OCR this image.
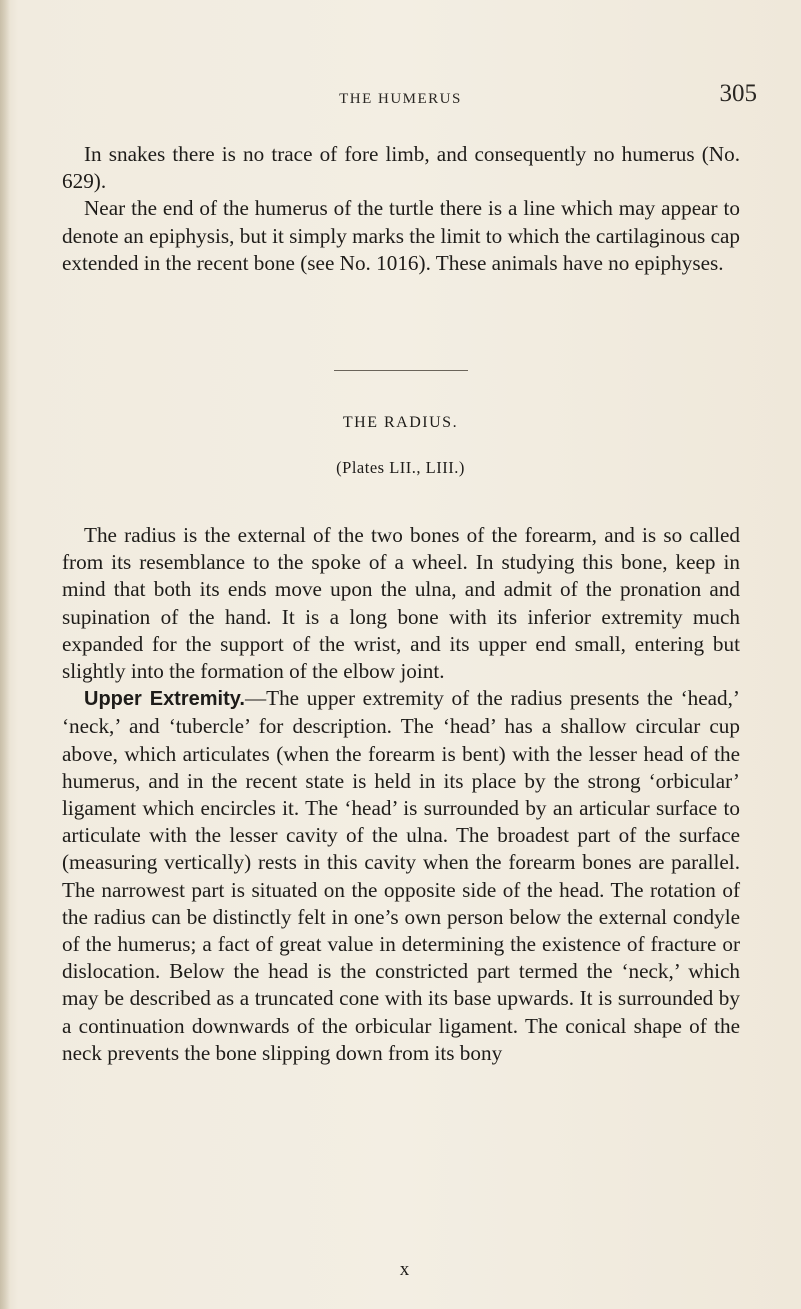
THE HUMERUS	305

In snakes there is no trace of fore limb, and consequently no humerus (No. 629).

Near the end of the humerus of the turtle there is a line which may appear to denote an epiphysis, but it simply marks the limit to which the cartilaginous cap extended in the recent bone (see No. 1016). These animals have no epiphyses.

THE RADIUS.
(Plates LII., LIII.)

The radius is the external of the two bones of the forearm, and is so called from its resemblance to the spoke of a wheel. In studying this bone, keep in mind that both its ends move upon the ulna, and admit of the pronation and supination of the hand. It is a long bone with its inferior extremity much expanded for the support of the wrist, and its upper end small, entering but slightly into the formation of the elbow joint.

Upper Extremity.—The upper extremity of the radius presents the ‘head,’ ‘neck,’ and ‘tubercle’ for description. The ‘head’ has a shallow circular cup above, which articulates (when the forearm is bent) with the lesser head of the humerus, and in the recent state is held in its place by the strong ‘orbicular’ ligament which encircles it. The ‘head’ is surrounded by an articular surface to articulate with the lesser cavity of the ulna. The broadest part of the surface (measuring vertically) rests in this cavity when the forearm bones are parallel. The narrowest part is situated on the opposite side of the head. The rotation of the radius can be distinctly felt in one’s own person below the external condyle of the humerus; a fact of great value in determining the existence of fracture or dislocation. Below the head is the constricted part termed the ‘neck,’ which may be described as a truncated cone with its base upwards. It is surrounded by a continuation downwards of the orbicular ligament. The conical shape of the neck prevents the bone slipping down from its bony

x
